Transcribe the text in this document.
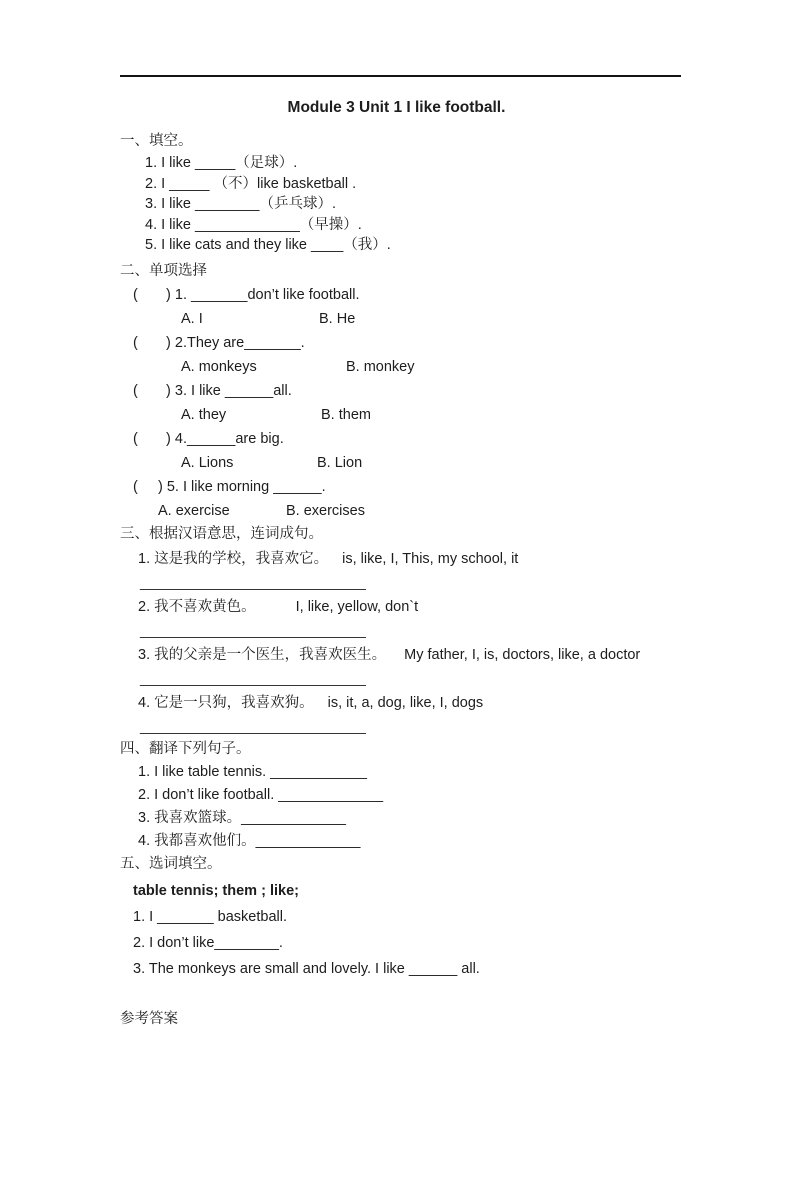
Module 3 Unit 1 I like football.
一、填空。
1. I like _____（足球）.
2. I _____ （不）like basketball .
3. I like ________（乒乓球）.
4. I like _____________（早操）.
5. I like cats and they like ____（我）.
二、单项选择
(       ) 1. _______don’t like football.
A. I	B. He
(       ) 2.They are_______.
A. monkeys	B. monkey
(       ) 3. I like ______all.
A. they	B. them
(       ) 4.______are big.
A. Lions	B. Lion
(     ) 5. I like morning ______.
A. exercise	B. exercises
三、根据汉语意思，连词成句。
1. 这是我的学校，我喜欢它。 is, like, I, This, my school, it
____________________________
2. 我不喜欢黄色。	I, like, yellow, don`t
____________________________
3. 我的父亲是一个医生，我喜欢医生。 My father, I, is, doctors, like, a doctor
____________________________
4. 它是一只狗，我喜欢狗。 is, it, a, dog, like, I, dogs
____________________________
四、翻译下列句子。
1. I like table tennis. ____________
2. I don’t like football. _____________
3. 我喜欢篮球。_____________
4. 我都喜欢他们。_____________
五、选词填空。
table tennis; them ; like;
1. I _______ basketball.
2. I don’t like________.
3. The monkeys are small and lovely. I like ______ all.
参考答案
